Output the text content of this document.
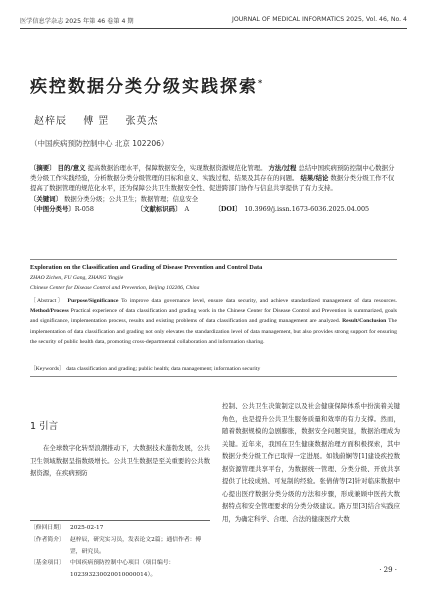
医学信息学杂志 2025 年第 46 卷第 4 期	JOURNAL OF MEDICAL INFORMATICS 2025, Vol. 46, No. 4
疾控数据分类分级实践探索*
赵梓辰 傅 罡 张英杰
（中国疾病预防控制中心 北京 102206）

〔摘要〕 目的/意义 提高数据治理水平，保障数据安全，实现数据资源规范化管理。 方法/过程 总结中国疾病预防控制中心数据分类分级工作实践经验，分析数据分类分级管理的目标和意义、实践过程、结果及其存在的问题。 结果/结论 数据分类分级工作不仅提高了数据管理的规范化水平，还为保障公共卫生数据安全性、促进跨部门协作与信息共享提供了有力支持。

〔关键词〕 数据分类分级；公共卫生；数据管理；信息安全

〔中图分类号〕 R-058	〔文献标识码〕 A	〔DOI〕 10.3969/j.issn.1673-6036.2025.04.005
Exploration on the Classification and Grading of Disease Prevention and Control Data
ZHAO Zichen, FU Gang, ZHANG Yingjie
Chinese Center for Disease Control and Prevention, Beijing 102206, China
〔Abstract〕 Purpose/Significance To improve data governance level, ensure data security, and achieve standardized management of data resources. Method/Process Practical experience of data classification and grading work in the Chinese Center for Disease Control and Prevention is summarized, goals and significance, implementation process, results and existing problems of data classification and grading management are analyzed. Result/Conclusion The implementation of data classification and grading not only elevates the standardization level of data management, but also provides strong support for ensuring the security of public health data, promoting cross-departmental collaboration and information sharing.
〔Keywords〕 data classification and grading; public health; data management; information security
1 引言

在全球数字化转型浪潮推动下，大数据技术蓬勃发展，公共卫生领域数据呈指数级增长。公共卫生数据是至关重要的公共数据资源，在疾病预防

〔修回日期〕 2025-02-17
〔作者简介〕 赵梓辰，研究实习员，发表论文2篇；通信作者：傅罡，研究员。
〔基金项目〕 中国疾病预防控制中心项目（项目编号：102393230020010000014）。
控制、公共卫生决策制定以及社会健康保障体系中扮演着关键角色，也是提升公共卫生服务质量和效率的有力支撑。然而，随着数据规模的急剧膨胀，数据安全问题突显，数据治理成为关键。近年来，我国在卫生健康数据治理方面积极探索，其中数据分类分级工作已取得一定进展。如钱蔚娴等[1]建设疾控数据资源管理共享平台，为数据统一管理、分类分级、开放共享提供了比较成熟、可复制的经验。张倩倩等[2]针对临床数据中心提出医疗数据分类分级的方法和步骤，形成兼顾中医药大数据特点和安全管理要求的分类分级建议。路万里[3]结合实践应用，为确定科学、合理、合法的健康医疗大数
· 29 ·
